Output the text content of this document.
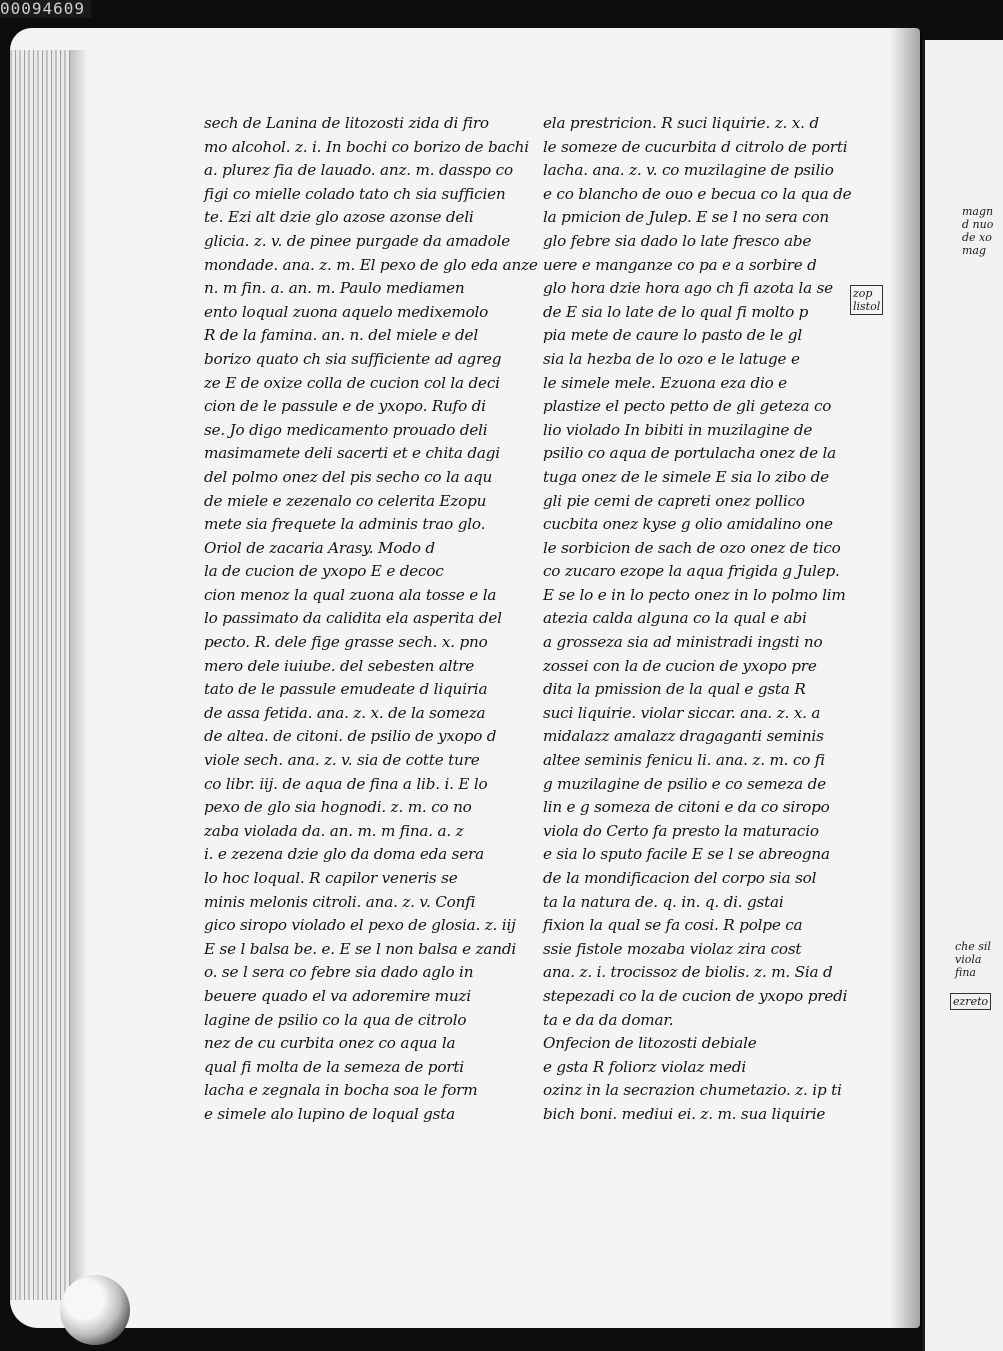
00094609
sech de Lanina de litozosti zida di firo
mo alcohol. z. i. In bochi co borizo de bachi
a. plurez fia de lauado. anz. m. dasspo co
figi co mielle colado tato ch sia sufficien
te. Ezi alt dzie glo azose azonse deli
glicia. z. v. de pinee purgade da amadole
mondade. ana. z. m. El pexo de glo eda anze
n. m fin. a. an. m. Paulo mediamen
ento loqual zuona aquelo medixemolo
R de la famina. an. n. del miele e del
borizo quato ch sia sufficiente ad agreg
ze E de oxize colla de cucion col la deci
cion de le passule e de yxopo. Rufo di
se. Jo digo medicamento prouado deli
masimamete deli sacerti et e chita dagi
del polmo onez del pis secho co la aqu
de miele e zezenalo co celerita Ezopu
mete sia frequete la adminis trao glo.
Oriol de zacaria Arasy. Modo d
la de cucion de yxopo E e decoc
cion menoz la qual zuona ala tosse e la
lo passimato da calidita ela asperita del
pecto. R. dele fige grasse sech. x. pno
mero dele iuiube. del sebesten altre
tato de le passule emudeate d liquiria
de assa fetida. ana. z. x. de la someza
de altea. de citoni. de psilio de yxopo d
viole sech. ana. z. v. sia de cotte ture
co libr. iij. de aqua de fina a lib. i. E lo
pexo de glo sia hognodi. z. m. co no
zaba violada da. an. m. m fina. a. z
i. e zezena dzie glo da doma eda sera
lo hoc loqual. R capilor veneris se
minis melonis citroli. ana. z. v. Confi
gico siropo violado el pexo de glosia. z. iij
E se l balsa be. e. E se l non balsa e zandi
o. se l sera co febre sia dado aglo in
beuere quado el va adoremire muzi
lagine de psilio co la qua de citrolo
nez de cu curbita onez co aqua la
qual fi molta de la semeza de porti
lacha e zegnala in bocha soa le form
e simele alo lupino de loqual gsta
ela prestricion. R suci liquirie. z. x. d
le someze de cucurbita d citrolo de porti
lacha. ana. z. v. co muzilagine de psilio
e co blancho de ouo e becua co la qua de
la pmicion de Julep. E se l no sera con
glo febre sia dado lo late fresco abe
uere e manganze co pa e a sorbire d
glo hora dzie hora ago ch fi azota la se
de E sia lo late de lo qual fi molto p
pia mete de caure lo pasto de le gl
sia la hezba de lo ozo e le latuge e
le simele mele. Ezuona eza dio e
plastize el pecto petto de gli geteza co
lio violado In bibiti in muzilagine de
psilio co aqua de portulacha onez de la
tuga onez de le simele E sia lo zibo de
gli pie cemi de capreti onez pollico
cucbita onez kyse g olio amidalino one
le sorbicion de sach de ozo onez de tico
co zucaro ezope la aqua frigida g Julep.
E se lo e in lo pecto onez in lo polmo lim
atezia calda alguna co la qual e abi
a grosseza sia ad ministradi ingsti no
zossei con la de cucion de yxopo pre
dita la pmission de la qual e gsta R
suci liquirie. violar siccar. ana. z. x. a
midalazz amalazz dragaganti seminis
altee seminis fenicu li. ana. z. m. co fi
g muzilagine de psilio e co semeza de
lin e g someza de citoni e da co siropo
viola do Certo fa presto la maturacio
e sia lo sputo facile E se l se abreogna
de la mondificacion del corpo sia sol
ta la natura de. q. in. q. di. gstai
fixion la qual se fa cosi. R polpe ca
ssie fistole mozaba violaz zira cost
ana. z. i. trocissoz de biolis. z. m. Sia d
stepezadi co la de cucion de yxopo predi
ta e da da domar.
Onfecion de litozosti debiale
e gsta R foliorz violaz medi
ozinz in la secrazion chumetazio. z. ip ti
bich boni. mediui ei. z. m. sua liquirie
zop
listol
magn
d nuo
de xo
mag
che sil
viola
fina
ezreto
